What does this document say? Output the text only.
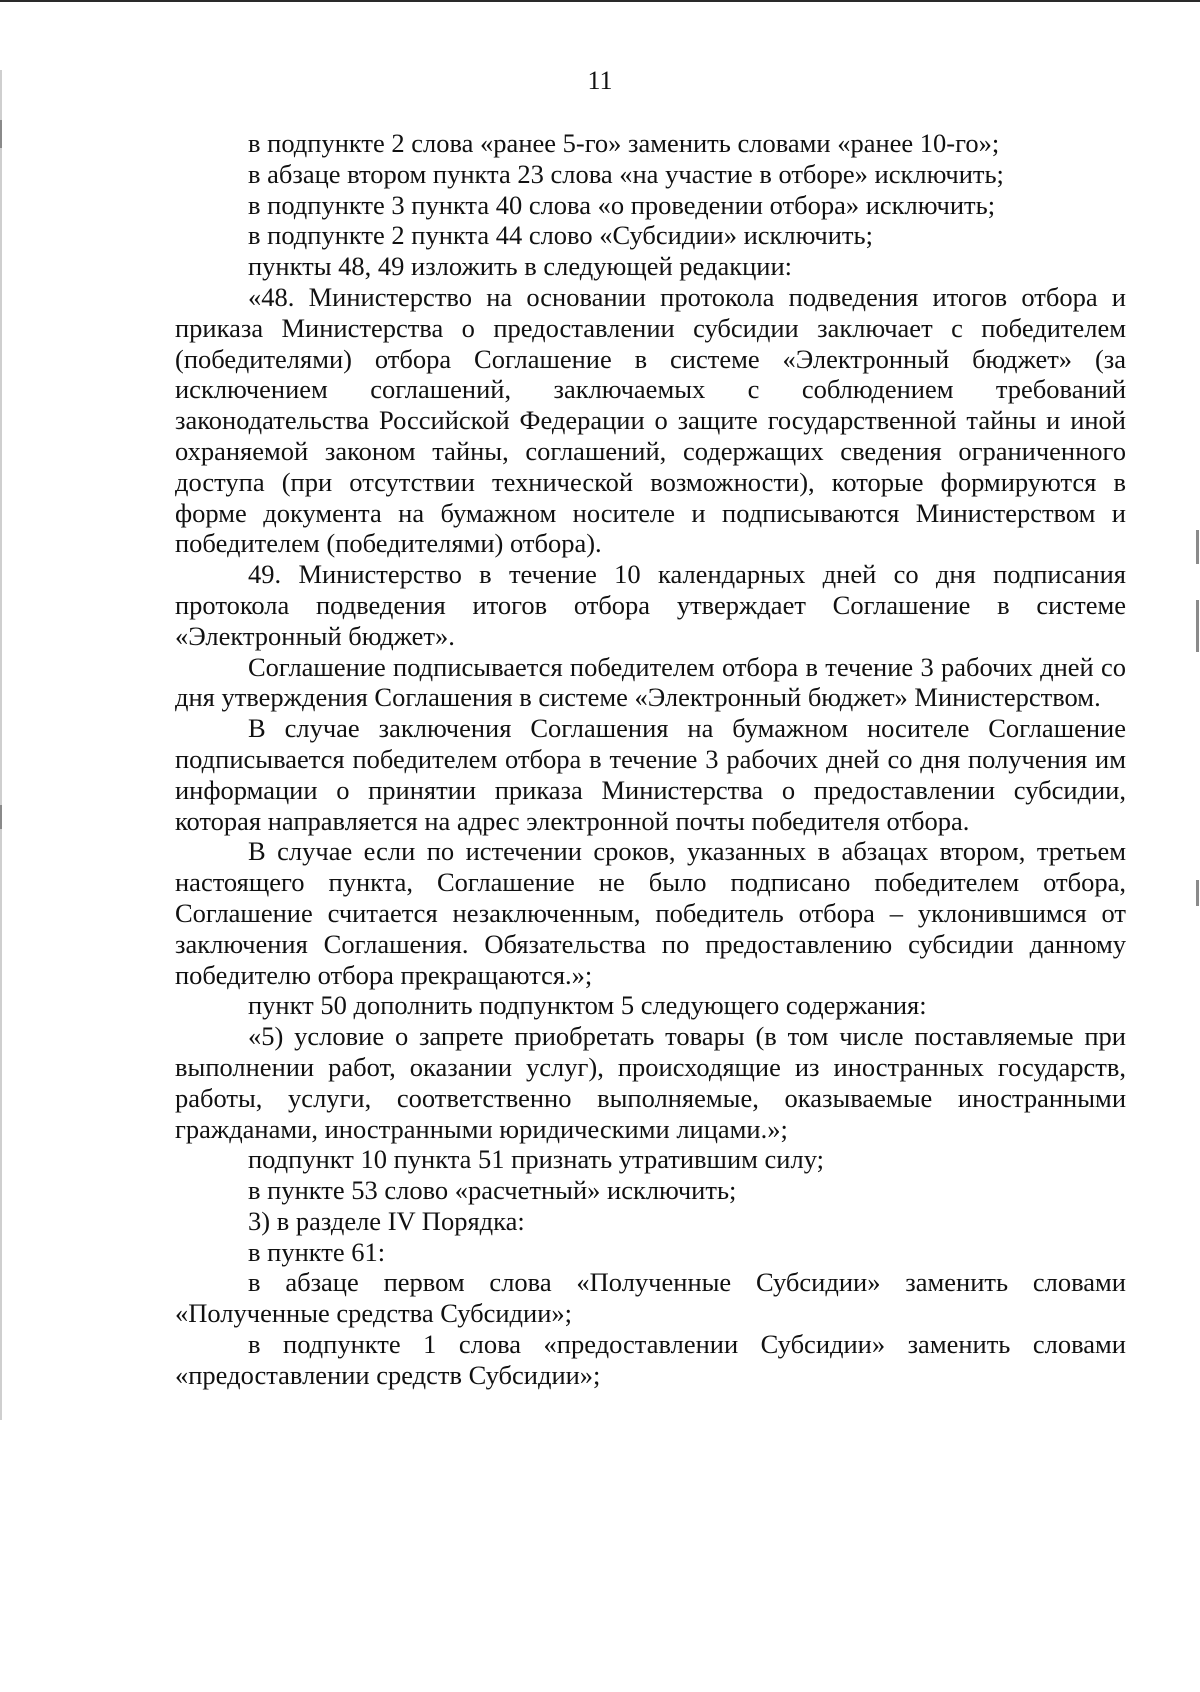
11

в подпункте 2 слова «ранее 5-го» заменить словами «ранее 10-го»;

в абзаце втором пункта 23 слова «на участие в отборе» исключить;

в подпункте 3 пункта 40 слова «о проведении отбора» исключить;

в подпункте 2 пункта 44 слово «Субсидии» исключить;

пункты 48, 49 изложить в следующей редакции:

«48. Министерство на основании протокола подведения итогов отбора и приказа Министерства о предоставлении субсидии заключает с победителем (победителями) отбора Соглашение в системе «Электронный бюджет» (за исключением соглашений, заключаемых с соблюдением требований законодательства Российской Федерации о защите государственной тайны и иной охраняемой законом тайны, соглашений, содержащих сведения ограниченного доступа (при отсутствии технической возможности), которые формируются в форме документа на бумажном носителе и подписываются Министерством и победителем (победителями) отбора).

49. Министерство в течение 10 календарных дней со дня подписания протокола подведения итогов отбора утверждает Соглашение в системе «Электронный бюджет».

Соглашение подписывается победителем отбора в течение 3 рабочих дней со дня утверждения Соглашения в системе «Электронный бюджет» Министерством.

В случае заключения Соглашения на бумажном носителе Соглашение подписывается победителем отбора в течение 3 рабочих дней со дня получения им информации о принятии приказа Министерства о предоставлении субсидии, которая направляется на адрес электронной почты победителя отбора.

В случае если по истечении сроков, указанных в абзацах втором, третьем настоящего пункта, Соглашение не было подписано победителем отбора, Соглашение считается незаключенным, победитель отбора – уклонившимся от заключения Соглашения. Обязательства по предоставлению субсидии данному победителю отбора прекращаются.»;

пункт 50 дополнить подпунктом 5 следующего содержания:

«5) условие о запрете приобретать товары (в том числе поставляемые при выполнении работ, оказании услуг), происходящие из иностранных государств, работы, услуги, соответственно выполняемые, оказываемые иностранными гражданами, иностранными юридическими лицами.»;

подпункт 10 пункта 51 признать утратившим силу;

в пункте 53 слово «расчетный» исключить;

3) в разделе IV Порядка:

в пункте 61:

в абзаце первом слова «Полученные Субсидии» заменить словами «Полученные средства Субсидии»;

в подпункте 1 слова «предоставлении Субсидии» заменить словами «предоставлении средств Субсидии»;
